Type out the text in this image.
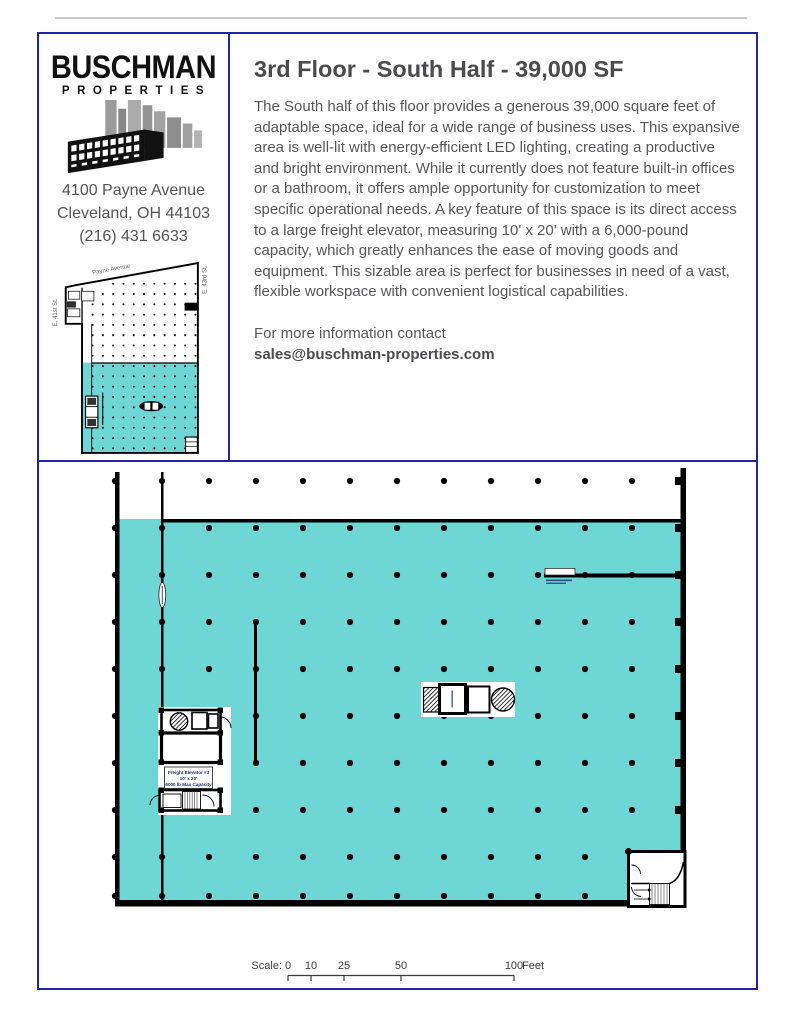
BUSCHMAN
PROPERTIES
4100 Payne Avenue
Cleveland, OH 44103
(216) 431 6633
Payne Avenue
E. 41st St.
E. 43rd St.
3rd Floor - South Half - 39,000 SF
The South half of this floor provides a generous 39,000 square feet of adaptable space, ideal for a wide range of business uses. This expansive area is well-lit with energy-efficient LED lighting, creating a productive and bright environment. While it currently does not feature built-in offices or a bathroom, it offers ample opportunity for customization to meet specific operational needs. A key feature of this space is its direct access to a large freight elevator, measuring 10' x 20' with a 6,000-pound capacity, which greatly enhances the ease of moving goods and equipment. This sizable area is perfect for businesses in need of a vast, flexible workspace with convenient logistical capabilities.
For more information contact
sales@buschman-properties.com
Freight Elevator #3
10' x 20'
6000 lb Max Capacity
Scale: 0 10 25	50	100
Feet
